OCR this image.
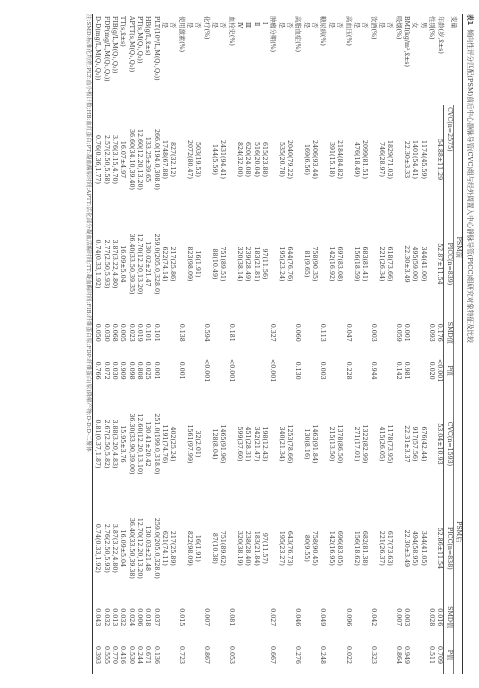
表1倾向性评分匹配(PSM)前后中心静脉导管(CVC)组与经外周置入中心静脉导管(PICC)组研究对象特征及比较
变量	PSM前				PSM后			
	CVC(n=2575)	PICC(n=839)	SMD值	P值	CVC(n=1593)	PICC(n=838)	SMD值	P值
年龄(岁,x̄±s)	54.88±11.29	52.87±11.54	0.176	<0.001	53.04±10.93	52.86±11.54	0.016	0.709
性别(%)			0.093	0.020			0.028	0.511
男	1174(45.59)	344(41.00)			676(42.44)	344(41.05)		
女	1401(54.41)	495(59.00)			917(57.56)	494(58.95)		
BMI(kg/m²,x̄±s)	22.30±3.33	22.30±3.49	0.001	0.981	22.31±3.37	22.30±3.49	0.003	0.949
吸烟(%)			0.059	0.142			0.007	0.864
否	1829(71.03)	618(73.66)			1178(73.95)	617(73.63)		
是	746(28.97)	221(26.34)			415(26.05)	221(26.37)		
饮酒(%)			0.003	0.944			0.042	0.323
否	2099(81.51)	683(81.41)			1322(82.99)	682(81.38)		
是	476(18.49)	156(18.59)			271(17.01)	156(18.62)		
高血压(%)			0.047	0.228			0.096	0.022
否	2184(84.82)	697(83.08)			1378(86.50)	696(83.05)		
是	391(15.18)	142(16.92)			215(13.50)	142(16.95)		
糖尿病(%)			0.113	0.003			0.049	0.248
否	2406(93.44)	758(90.35)			1463(91.84)	758(90.45)		
是	169(6.56)	81(9.65)			130(8.16)	80(9.55)		
高脂血症(%)			0.060	0.130			0.046	0.276
否	2040(79.22)	644(76.76)			1253(78.66)	643(76.73)		
是	535(20.78)	195(23.24)			340(21.34)	195(23.27)		
肿瘤分期(%)			0.327	<0.001			0.027	0.667
Ⅰ	615(23.88)	97(11.56)			198(12.43)	97(11.57)		
Ⅱ	516(20.04)	183(21.81)			342(21.47)	183(21.84)		
Ⅲ	620(24.08)	239(28.49)			451(28.31)	238(28.40)		
Ⅳ	824(32.00)	320(38.14)			599(37.60)	320(38.19)		
血栓史(%)			0.181	<0.001			0.081	0.053
否	2431(94.41)	751(89.51)			1465(91.96)	751(89.62)		
是	144(5.59)	88(10.49)			128(8.04)	87(10.38)		
化疗(%)			0.594	<0.001			0.007	0.867
否	503(19.53)	16(1.91)			32(2.01)	16(1.91)		
是	2072(80.47)	823(98.09)			1561(97.99)	822(98.09)		
使用激素(%)			0.138	0.001			0.015	0.723
否	827(32.12)	217(25.86)			402(25.24)	217(25.89)		
是	1748(67.88)	622(74.14)			1191(74.76)	621(74.11)		
PLT(10⁹/L,M(Q₁,Q₃))	266.0(194.0,308.0)	259.0(205.0,328.0)	0.101	0.001	251.0(199.0,318.0)	259.0(205.0,328.0)	0.037	0.136
HB(g/L,x̄±s)	133.25±39.65	130.02±21.47	0.101	0.025	130.41±20.42	130.03±21.48	0.018	0.671
PT(s,M(Q₁,Q₃))	12.60(12.20,13.20)	12.70(12.20,13.20)	0.019	0.808	12.60(12.20,13.10)	12.70(12.20,13.20)	0.006	0.244
APTT(s,M(Q₁,Q₃))	36.60(34.10,39.40)	36.40(33.50,39.35)	0.023	0.098	36.30(33.90,39.00)	36.40(33.50,39.38)	0.024	0.530
TT(s,x̄±s)	16.07±4.97	16.09±5.04	0.005	0.909	15.95±3.76	16.09±5.04	0.032	0.416
FIB(g/L,M(Q₁,Q₃))	3.76(3.15,4.70)	3.87(3.22,4.80)	0.068	0.030	3.88(3.20,4.83)	3.87(3.22,4.80)	0.013	0.770
FDP(mg/L,M(Q₁,Q₃))	2.57(2.50,5.58)	2.77(2.50,5.93)	0.030	0.072	2.67(2.50,5.82)	2.76(2.50,5.93)	0.032	0.555
D-D(mg/L,M(Q₁,Q₃))	0.76(0.36,1.77)	0.74(0.33,1.92)	0.050	0.766	0.81(0.37,1.87)	0.74(0.33,1.92)	0.043	0.393
注:SMD:标准化均差;PLT:血小板计数;HB:血红蛋白;PT:凝血酶原时间;APTT:活化部分凝血活酶时间;TT:凝血酶时间;FIB:纤维蛋白原;FDP:纤维蛋白(原)降解产物;D-D:D-二聚体
